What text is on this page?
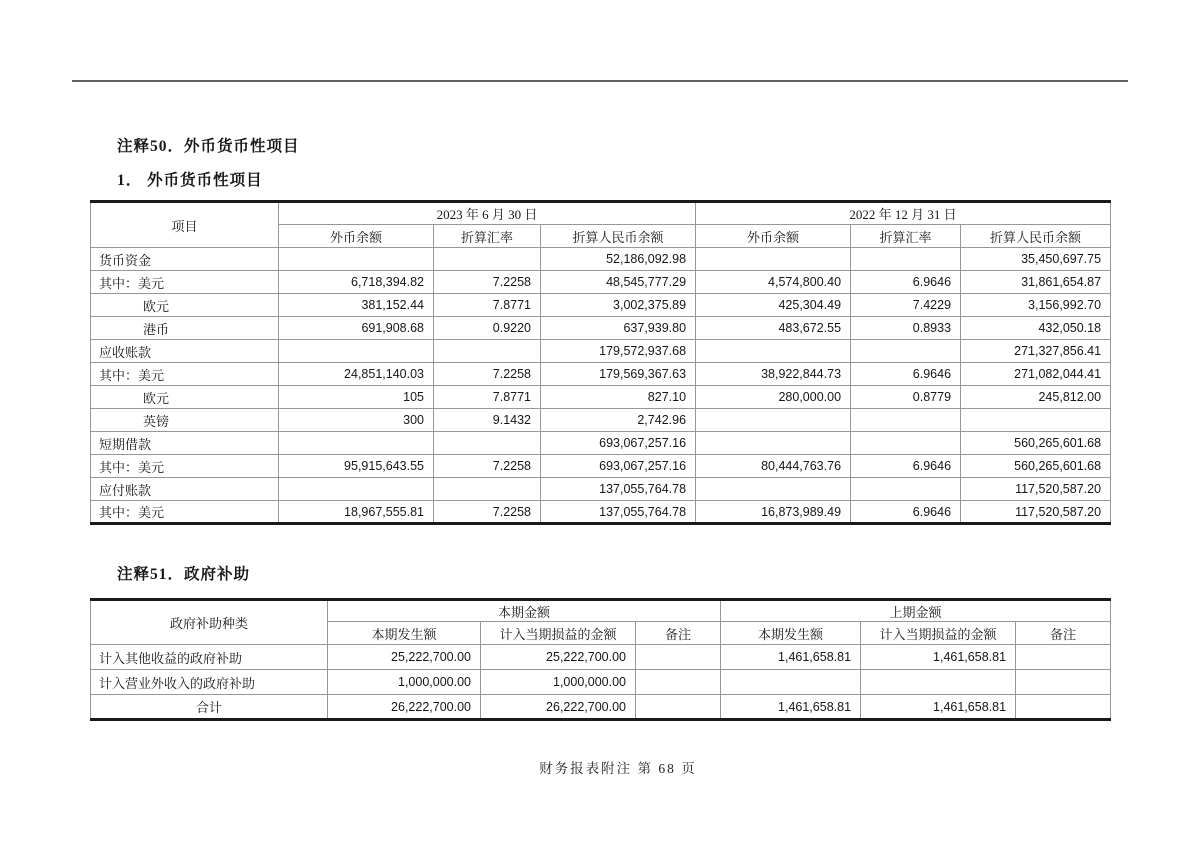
注释50．外币货币性项目
1． 外币货币性项目
项目	2023 年 6 月 30 日			2022 年 12 月 31 日		
	外币余额	折算汇率	折算人民币余额	外币余额	折算汇率	折算人民币余额
货币资金			52,186,092.98			35,450,697.75
其中：美元	6,718,394.82	7.2258	48,545,777.29	4,574,800.40	6.9646	31,861,654.87
欧元	381,152.44	7.8771	3,002,375.89	425,304.49	7.4229	3,156,992.70
港币	691,908.68	0.9220	637,939.80	483,672.55	0.8933	432,050.18
应收账款			179,572,937.68			271,327,856.41
其中：美元	24,851,140.03	7.2258	179,569,367.63	38,922,844.73	6.9646	271,082,044.41
欧元	105	7.8771	827.10	280,000.00	0.8779	245,812.00
英镑	300	9.1432	2,742.96			
短期借款			693,067,257.16			560,265,601.68
其中：美元	95,915,643.55	7.2258	693,067,257.16	80,444,763.76	6.9646	560,265,601.68
应付账款			137,055,764.78			117,520,587.20
其中：美元	18,967,555.81	7.2258	137,055,764.78	16,873,989.49	6.9646	117,520,587.20
注释51．政府补助
政府补助种类	本期金额			上期金额		
	本期发生额	计入当期损益的金额	备注	本期发生额	计入当期损益的金额	备注
计入其他收益的政府补助	25,222,700.00	25,222,700.00		1,461,658.81	1,461,658.81	
计入营业外收入的政府补助	1,000,000.00	1,000,000.00				
合计	26,222,700.00	26,222,700.00		1,461,658.81	1,461,658.81	
财务报表附注 第 68 页
